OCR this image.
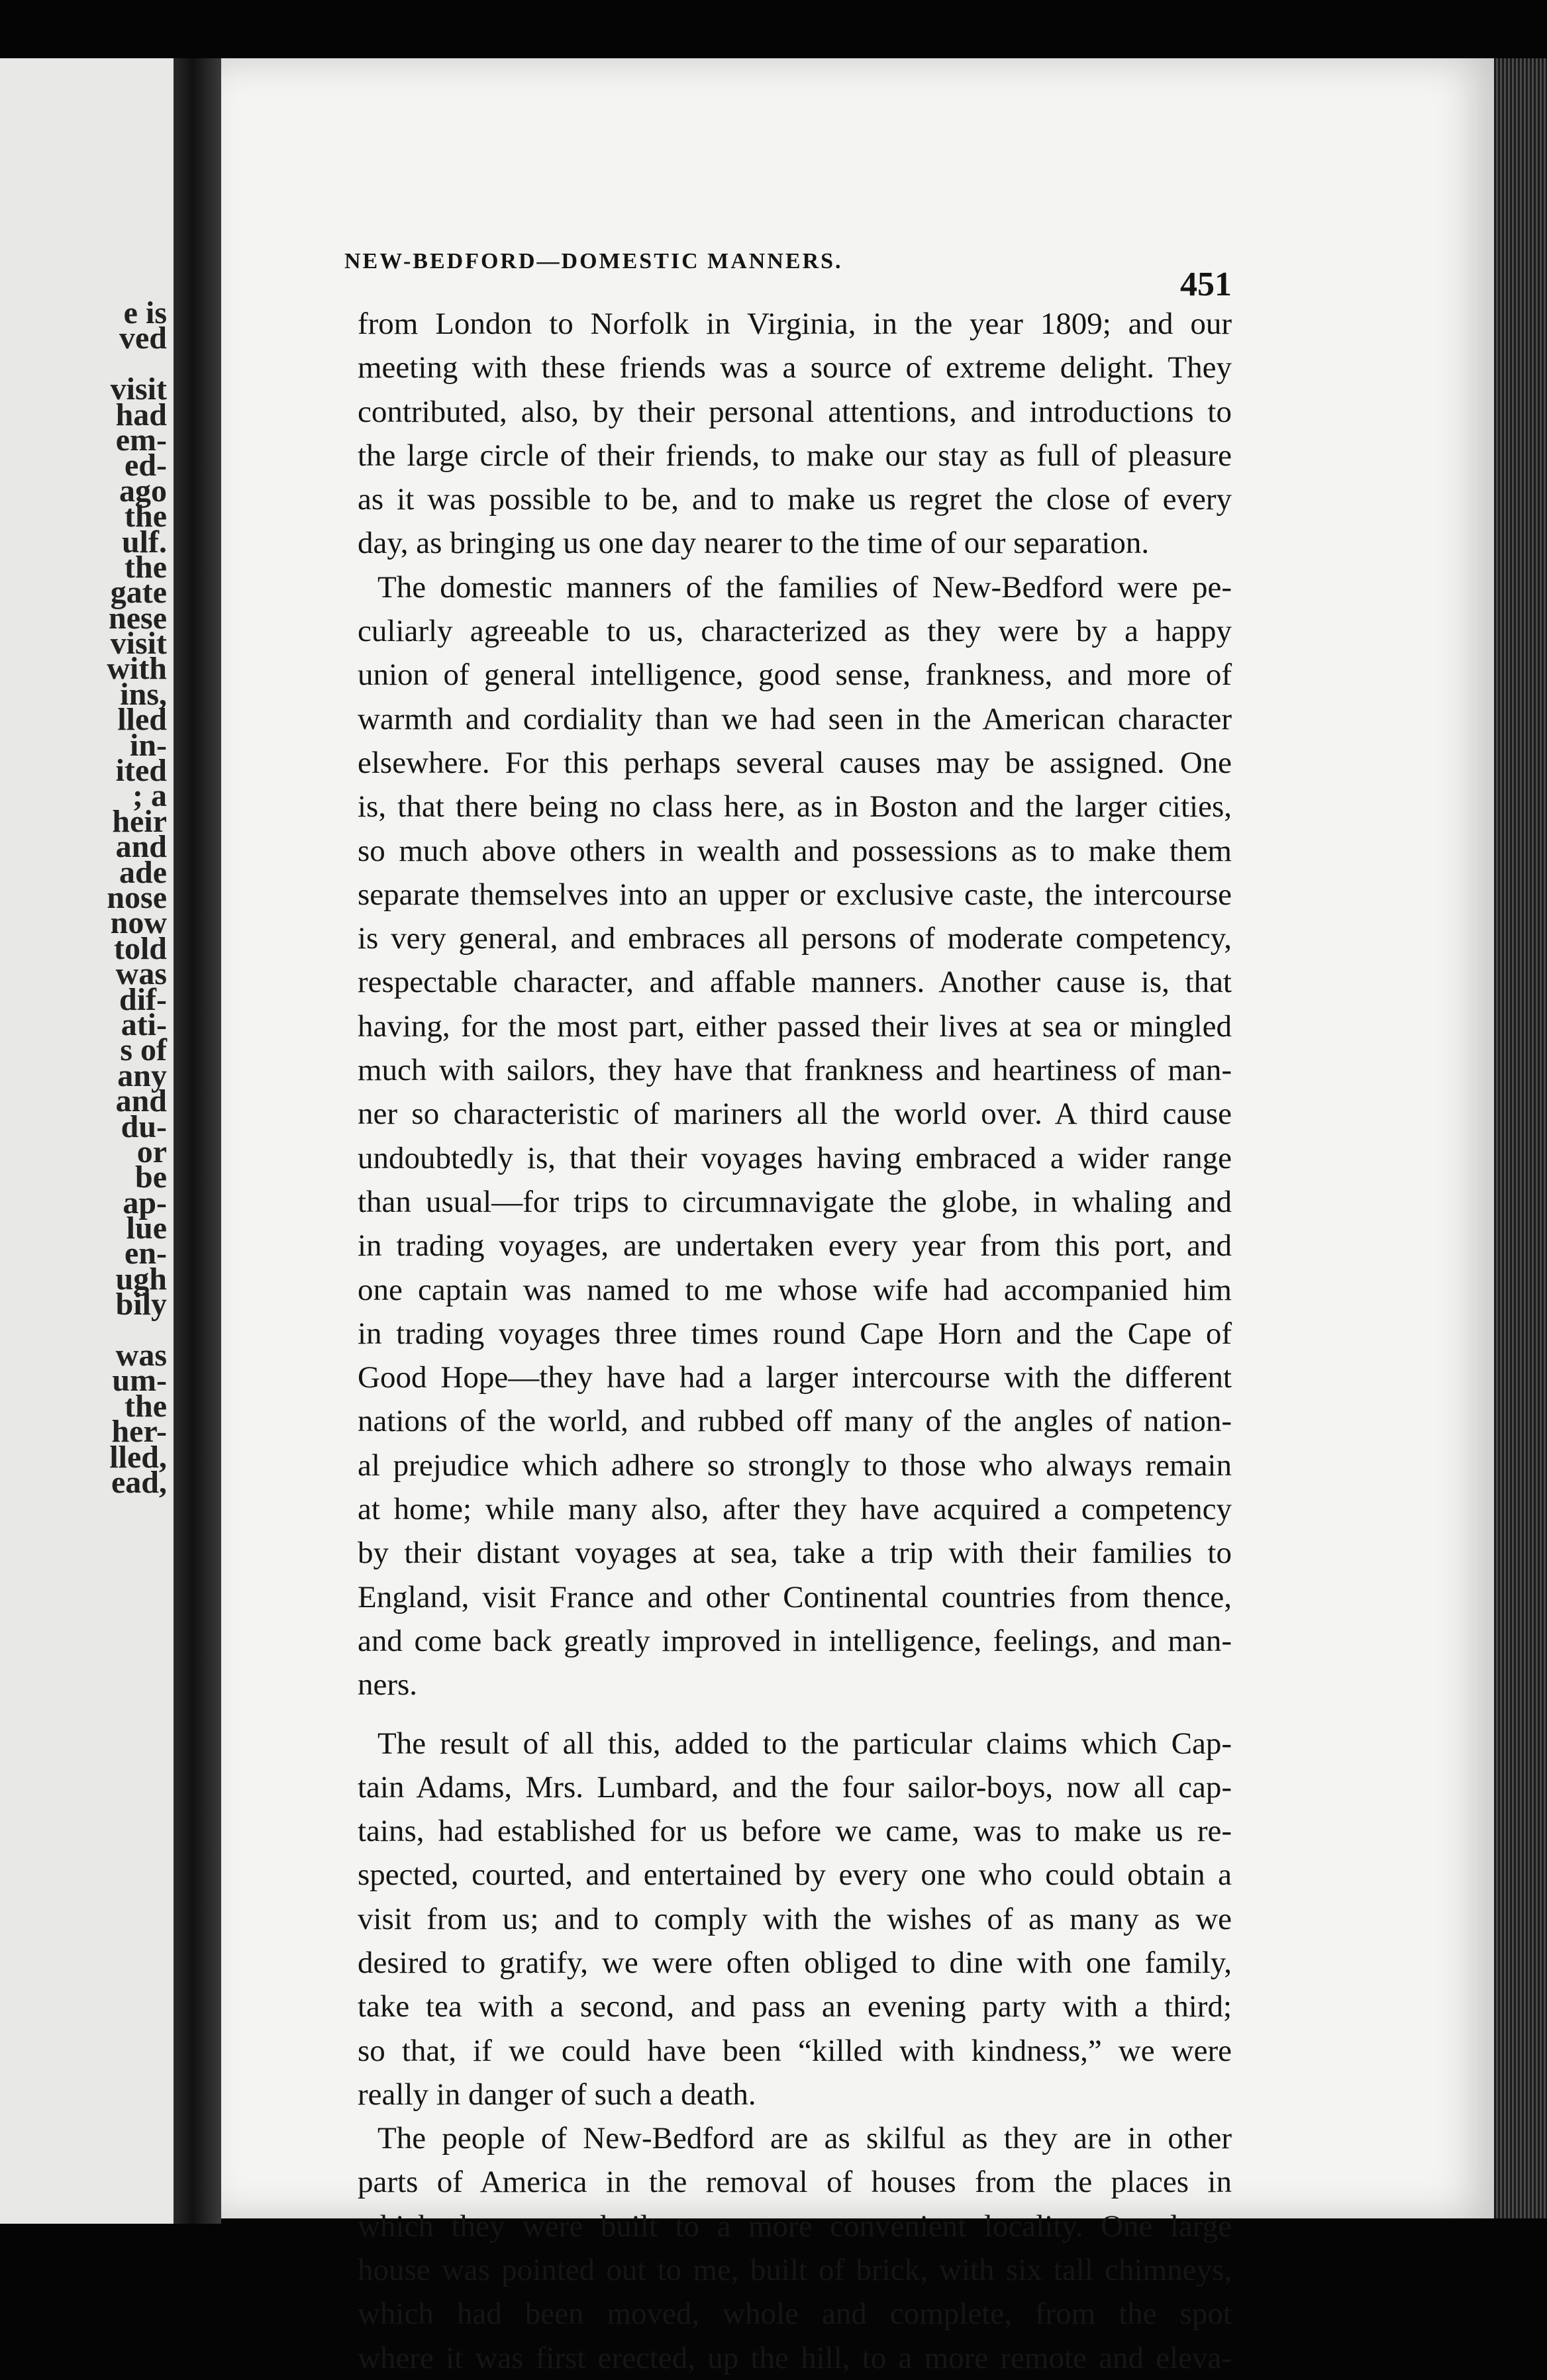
e is
ved
visit
had
em-
ed-
ago
the
ulf.
the
gate
nese
visit
with
ins,
lled
in-
ited
; a
heir
and
ade
nose
now
told
was
dif-
ati-
s of
any
and
du-
or
be
ap-
lue
en-
ugh
bily
was
um-
the
her-
lled,
ead,
NEW-BEDFORD—DOMESTIC MANNERS.
451
from London to Norfolk in Virginia, in the year 1809; and our
meeting with these friends was a source of extreme delight. They
contributed, also, by their personal attentions, and introductions to
the large circle of their friends, to make our stay as full of pleasure
as it was possible to be, and to make us regret the close of every
day, as bringing us one day nearer to the time of our separation.
The domestic manners of the families of New-Bedford were pe-
culiarly agreeable to us, characterized as they were by a happy
union of general intelligence, good sense, frankness, and more of
warmth and cordiality than we had seen in the American character
elsewhere. For this perhaps several causes may be assigned. One
is, that there being no class here, as in Boston and the larger cities,
so much above others in wealth and possessions as to make them
separate themselves into an upper or exclusive caste, the intercourse
is very general, and embraces all persons of moderate competency,
respectable character, and affable manners. Another cause is, that
having, for the most part, either passed their lives at sea or mingled
much with sailors, they have that frankness and heartiness of man-
ner so characteristic of mariners all the world over. A third cause
undoubtedly is, that their voyages having embraced a wider range
than usual—for trips to circumnavigate the globe, in whaling and
in trading voyages, are undertaken every year from this port, and
one captain was named to me whose wife had accompanied him
in trading voyages three times round Cape Horn and the Cape of
Good Hope—they have had a larger intercourse with the different
nations of the world, and rubbed off many of the angles of nation-
al prejudice which adhere so strongly to those who always remain
at home; while many also, after they have acquired a competency
by their distant voyages at sea, take a trip with their families to
England, visit France and other Continental countries from thence,
and come back greatly improved in intelligence, feelings, and man-
ners.
The result of all this, added to the particular claims which Cap-
tain Adams, Mrs. Lumbard, and the four sailor-boys, now all cap-
tains, had established for us before we came, was to make us re-
spected, courted, and entertained by every one who could obtain a
visit from us; and to comply with the wishes of as many as we
desired to gratify, we were often obliged to dine with one family,
take tea with a second, and pass an evening party with a third;
so that, if we could have been “killed with kindness,” we were
really in danger of such a death.
The people of New-Bedford are as skilful as they are in other
parts of America in the removal of houses from the places in
which they were built to a more convenient locality. One large
house was pointed out to me, built of brick, with six tall chimneys,
which had been moved, whole and complete, from the spot
where it was first erected, up the hill, to a more remote and eleva-
